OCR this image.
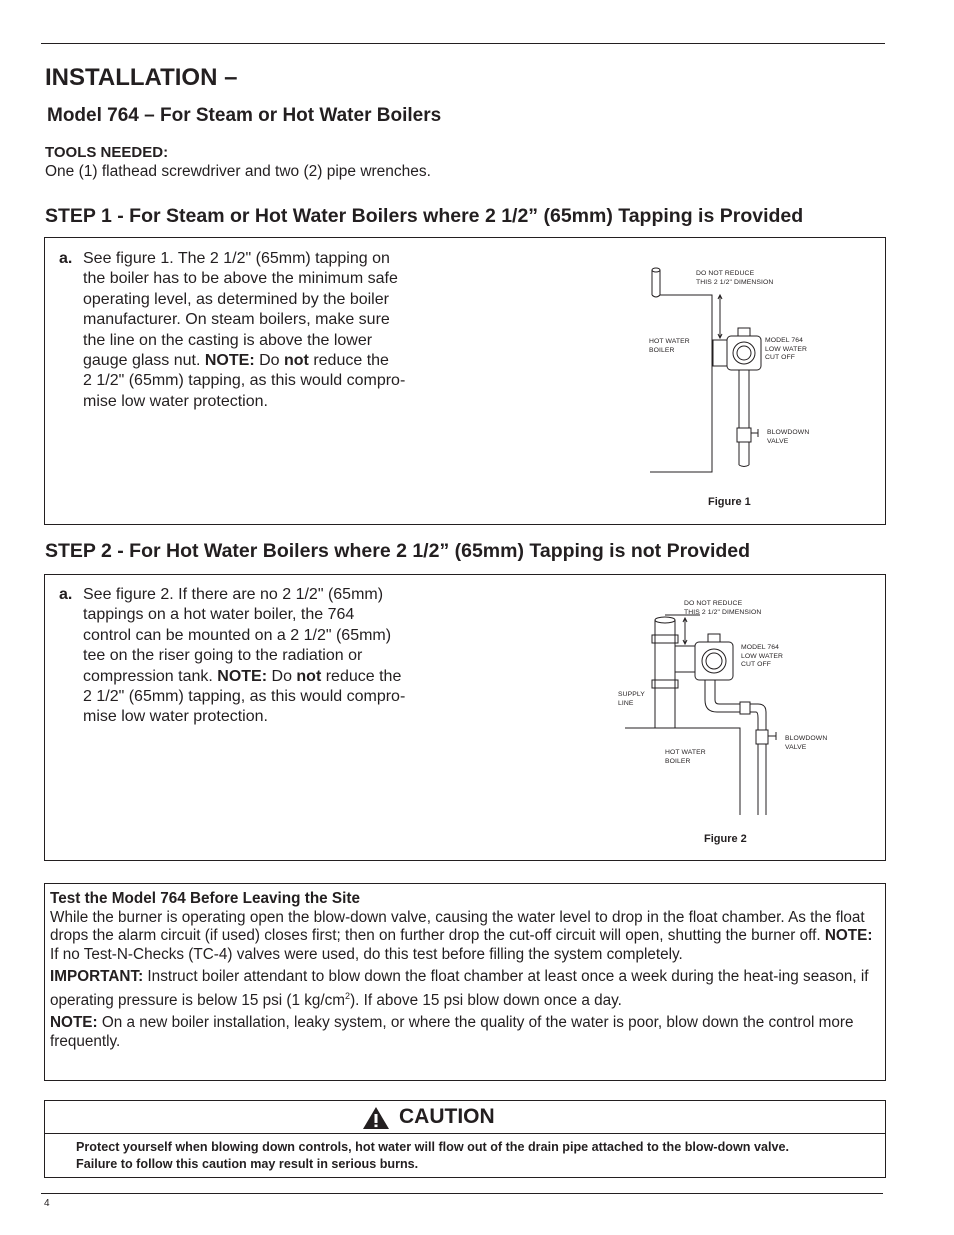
INSTALLATION –
Model 764 – For Steam or Hot Water Boilers
TOOLS NEEDED:
One (1) flathead screwdriver and two (2) pipe wrenches.
STEP 1 - For Steam or Hot Water Boilers where 2 1/2” (65mm) Tapping is Provided
a. See figure 1. The 2 1/2" (65mm) tapping on
the boiler has to be above the minimum safe
operating level, as determined by the boiler
manufacturer. On steam boilers, make sure
the line on the casting is above the lower
gauge glass nut. NOTE: Do not reduce the
2 1/2" (65mm) tapping, as this would compro-
mise low water protection.
DO NOT REDUCE
THIS 2 1/2" DIMENSION
HOT WATER
BOILER
MODEL 764
LOW WATER
CUT OFF
BLOWDOWN
VALVE
Figure 1
STEP 2 - For Hot Water Boilers where 2 1/2” (65mm) Tapping is not Provided
a. See figure 2. If there are no 2 1/2" (65mm)
tappings on a hot water boiler, the 764
control can be mounted on a 2 1/2" (65mm)
tee on the riser going to the radiation or
compression tank. NOTE: Do not reduce the
2 1/2" (65mm) tapping, as this would compro-
mise low water protection.
DO NOT REDUCE
THIS 2 1/2" DIMENSION
MODEL 764
LOW WATER
CUT OFF
SUPPLY
LINE
BLOWDOWN
VALVE
HOT WATER
BOILER
Figure 2
Test the Model 764 Before Leaving the Site

While the burner is operating open the blow-down valve, causing the water level to drop in the float chamber. As the float drops the alarm circuit (if used) closes first; then on further drop the cut-off circuit will open, shutting the burner off. NOTE: If no Test-N-Checks (TC-4) valves were used, do this test before filling the system completely.

IMPORTANT: Instruct boiler attendant to blow down the float chamber at least once a week during the heat-ing season, if operating pressure is below 15 psi (1 $kg/cm^2$). If above 15 psi blow down once a day.

NOTE: On a new boiler installation, leaky system, or where the quality of the water is poor, blow down the control more frequently.

CAUTION
Protect yourself when blowing down controls, hot water will flow out of the drain pipe attached to the blow-down valve.
Failure to follow this caution may result in serious burns.
4
